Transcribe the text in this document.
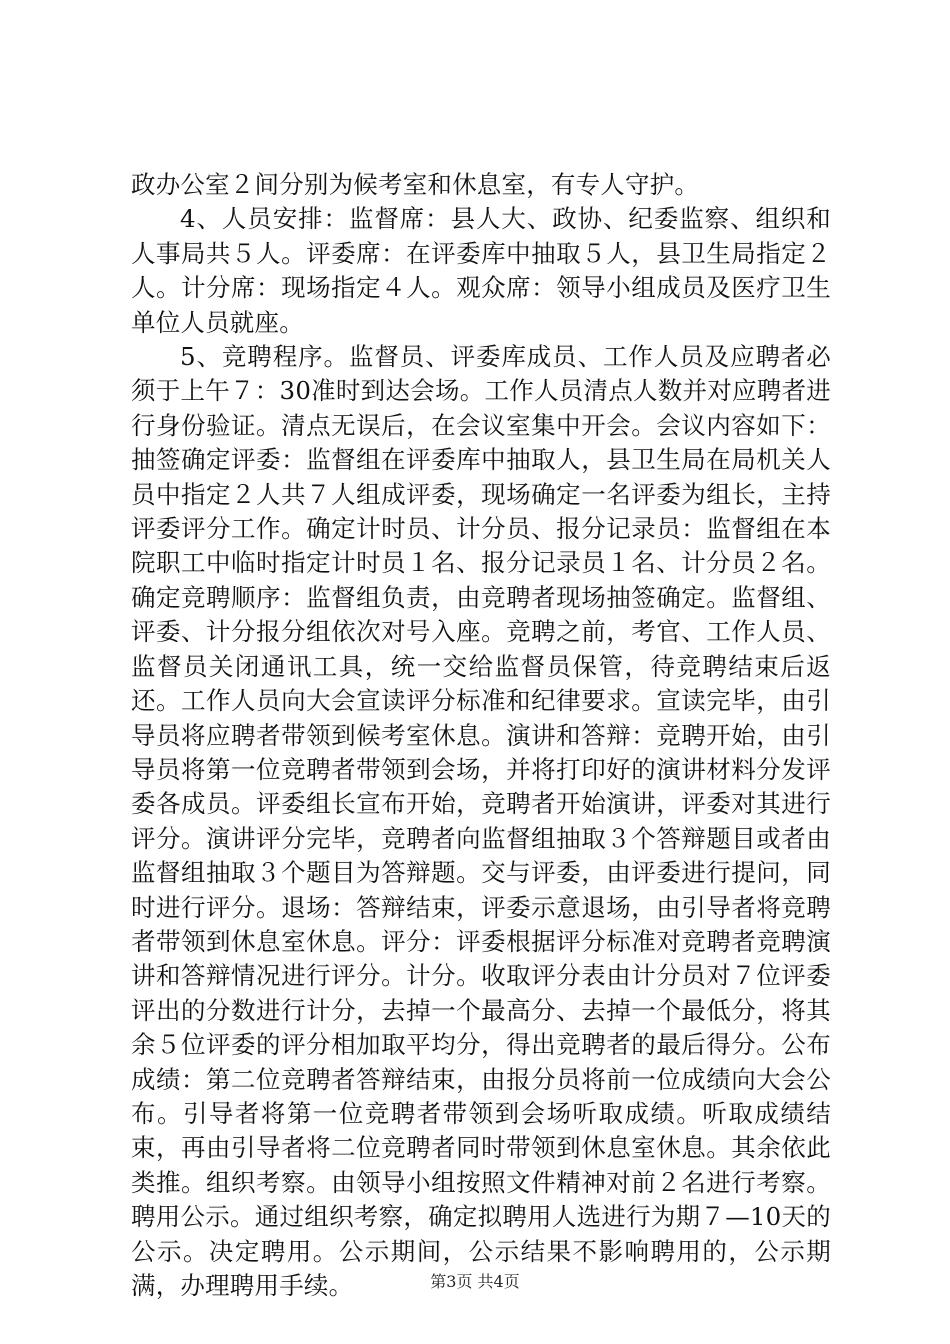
政办公室２间分别为候考室和休息室，有专人守护。

4、人员安排：监督席：县人大、政协、纪委监察、组织和人事局共５人。评委席：在评委库中抽取５人，县卫生局指定２人。计分席：现场指定４人。观众席：领导小组成员及医疗卫生单位人员就座。

5、竞聘程序。监督员、评委库成员、工作人员及应聘者必须于上午７：30准时到达会场。工作人员清点人数并对应聘者进行身份验证。清点无误后，在会议室集中开会。会议内容如下：抽签确定评委：监督组在评委库中抽取人，县卫生局在局机关人员中指定２人共７人组成评委，现场确定一名评委为组长，主持评委评分工作。确定计时员、计分员、报分记录员：监督组在本院职工中临时指定计时员１名、报分记录员１名、计分员２名。确定竞聘顺序：监督组负责，由竞聘者现场抽签确定。监督组、评委、计分报分组依次对号入座。竞聘之前，考官、工作人员、监督员关闭通讯工具，统一交给监督员保管，待竞聘结束后返还。工作人员向大会宣读评分标准和纪律要求。宣读完毕，由引导员将应聘者带领到候考室休息。演讲和答辩：竞聘开始，由引导员将第一位竞聘者带领到会场，并将打印好的演讲材料分发评委各成员。评委组长宣布开始，竞聘者开始演讲，评委对其进行评分。演讲评分完毕，竞聘者向监督组抽取３个答辩题目或者由监督组抽取３个题目为答辩题。交与评委，由评委进行提问，同时进行评分。退场：答辩结束，评委示意退场，由引导者将竞聘者带领到休息室休息。评分：评委根据评分标准对竞聘者竞聘演讲和答辩情况进行评分。计分。收取评分表由计分员对７位评委评出的分数进行计分，去掉一个最高分、去掉一个最低分，将其余５位评委的评分相加取平均分，得出竞聘者的最后得分。公布成绩：第二位竞聘者答辩结束，由报分员将前一位成绩向大会公布。引导者将第一位竞聘者带领到会场听取成绩。听取成绩结束，再由引导者将二位竞聘者同时带领到休息室休息。其余依此类推。组织考察。由领导小组按照文件精神对前２名进行考察。聘用公示。通过组织考察，确定拟聘用人选进行为期７—10天的公示。决定聘用。公示期间，公示结果不影响聘用的，公示期满，办理聘用手续。	第3页 共4页
